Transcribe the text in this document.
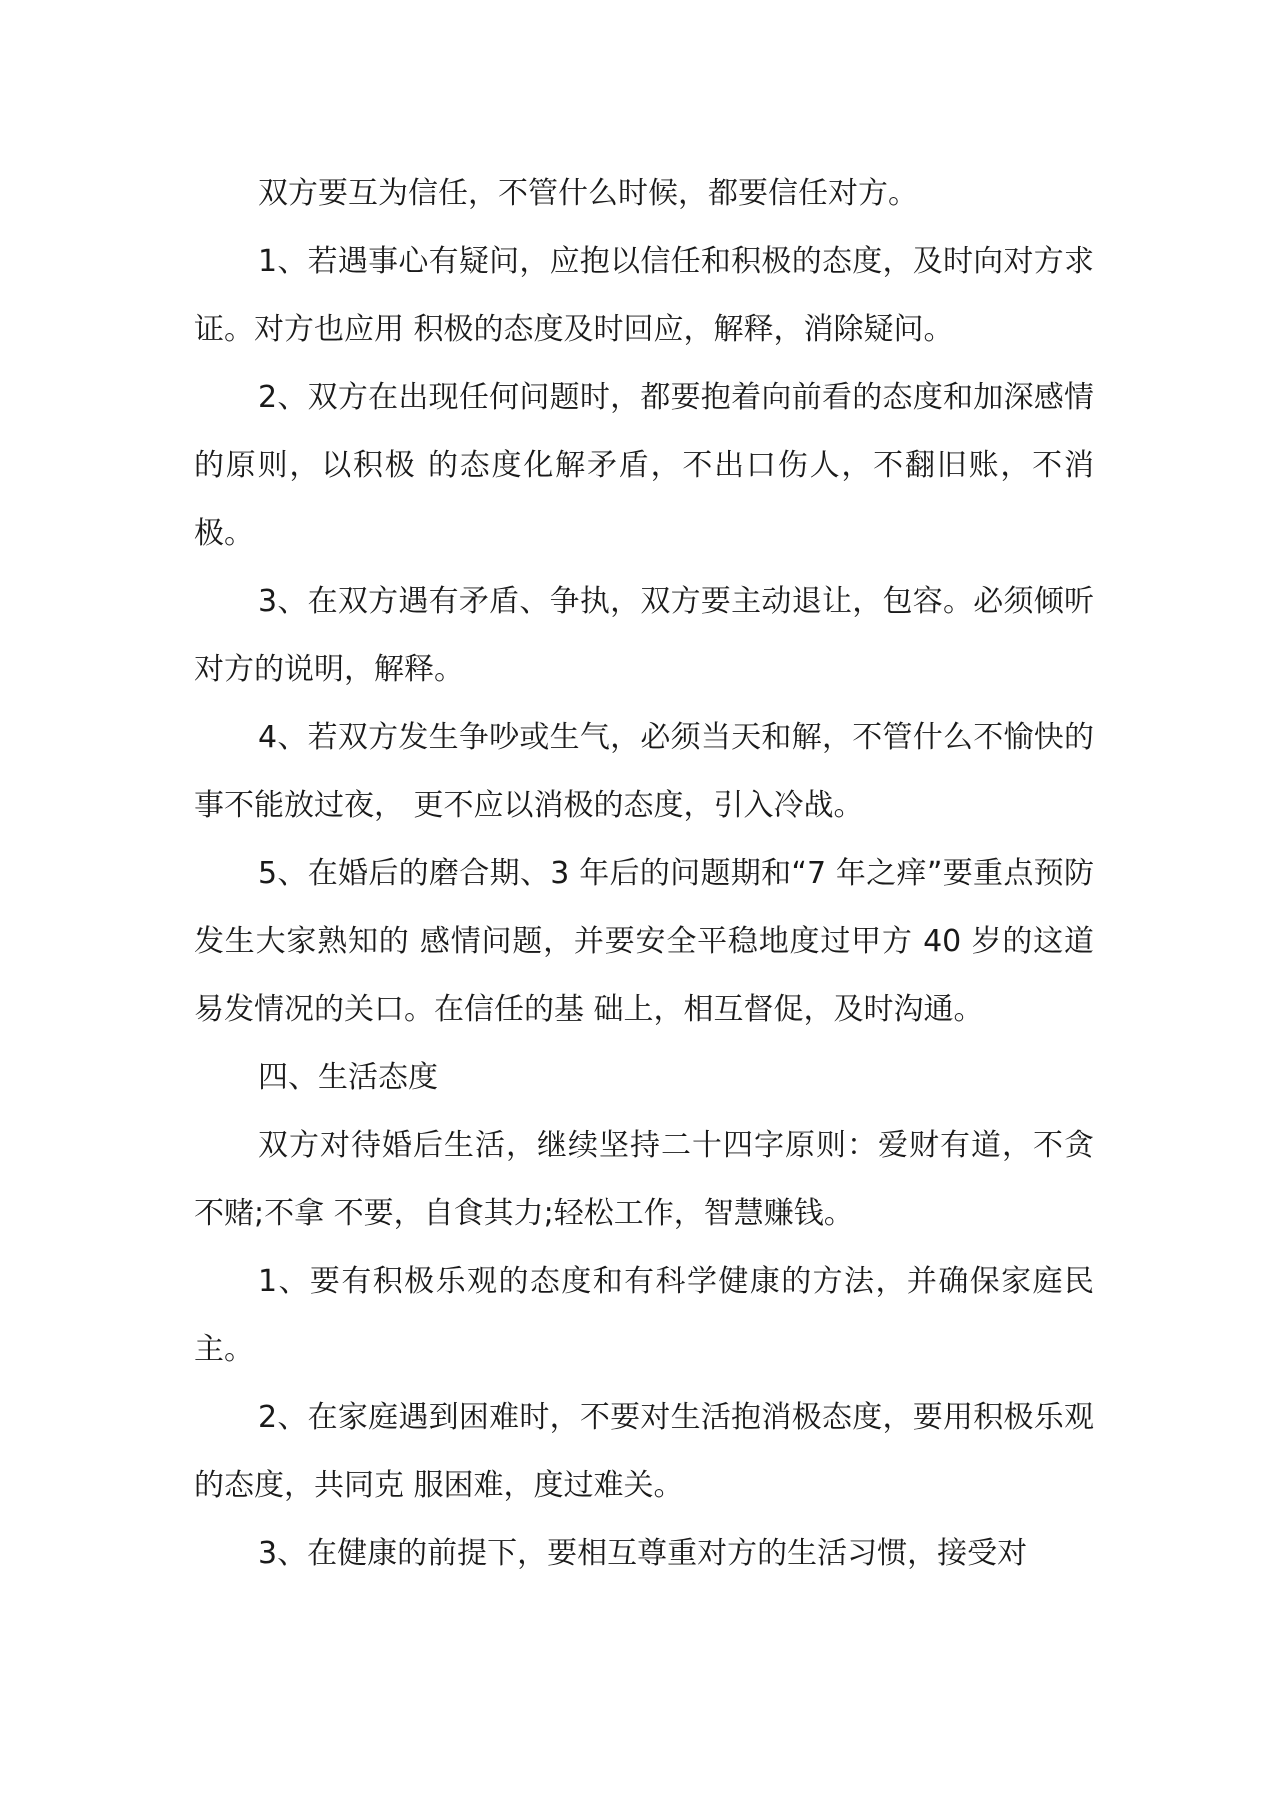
双方要互为信任，不管什么时候，都要信任对方。

1、若遇事心有疑问，应抱以信任和积极的态度，及时向对方求证。对方也应用 积极的态度及时回应，解释，消除疑问。

2、双方在出现任何问题时，都要抱着向前看的态度和加深感情的原则，以积极 的态度化解矛盾，不出口伤人，不翻旧账，不消极。

3、在双方遇有矛盾、争执，双方要主动退让，包容。必须倾听对方的说明，解释。

4、若双方发生争吵或生气，必须当天和解，不管什么不愉快的事不能放过夜， 更不应以消极的态度，引入冷战。

5、在婚后的磨合期、3 年后的问题期和“7 年之痒”要重点预防发生大家熟知的 感情问题，并要安全平稳地度过甲方 40 岁的这道易发情况的关口。在信任的基 础上，相互督促，及时沟通。

四、生活态度

双方对待婚后生活，继续坚持二十四字原则：爱财有道，不贪不赌;不拿 不要，自食其力;轻松工作，智慧赚钱。

1、要有积极乐观的态度和有科学健康的方法，并确保家庭民主。

2、在家庭遇到困难时，不要对生活抱消极态度，要用积极乐观的态度，共同克 服困难，度过难关。

3、在健康的前提下，要相互尊重对方的生活习惯，接受对
